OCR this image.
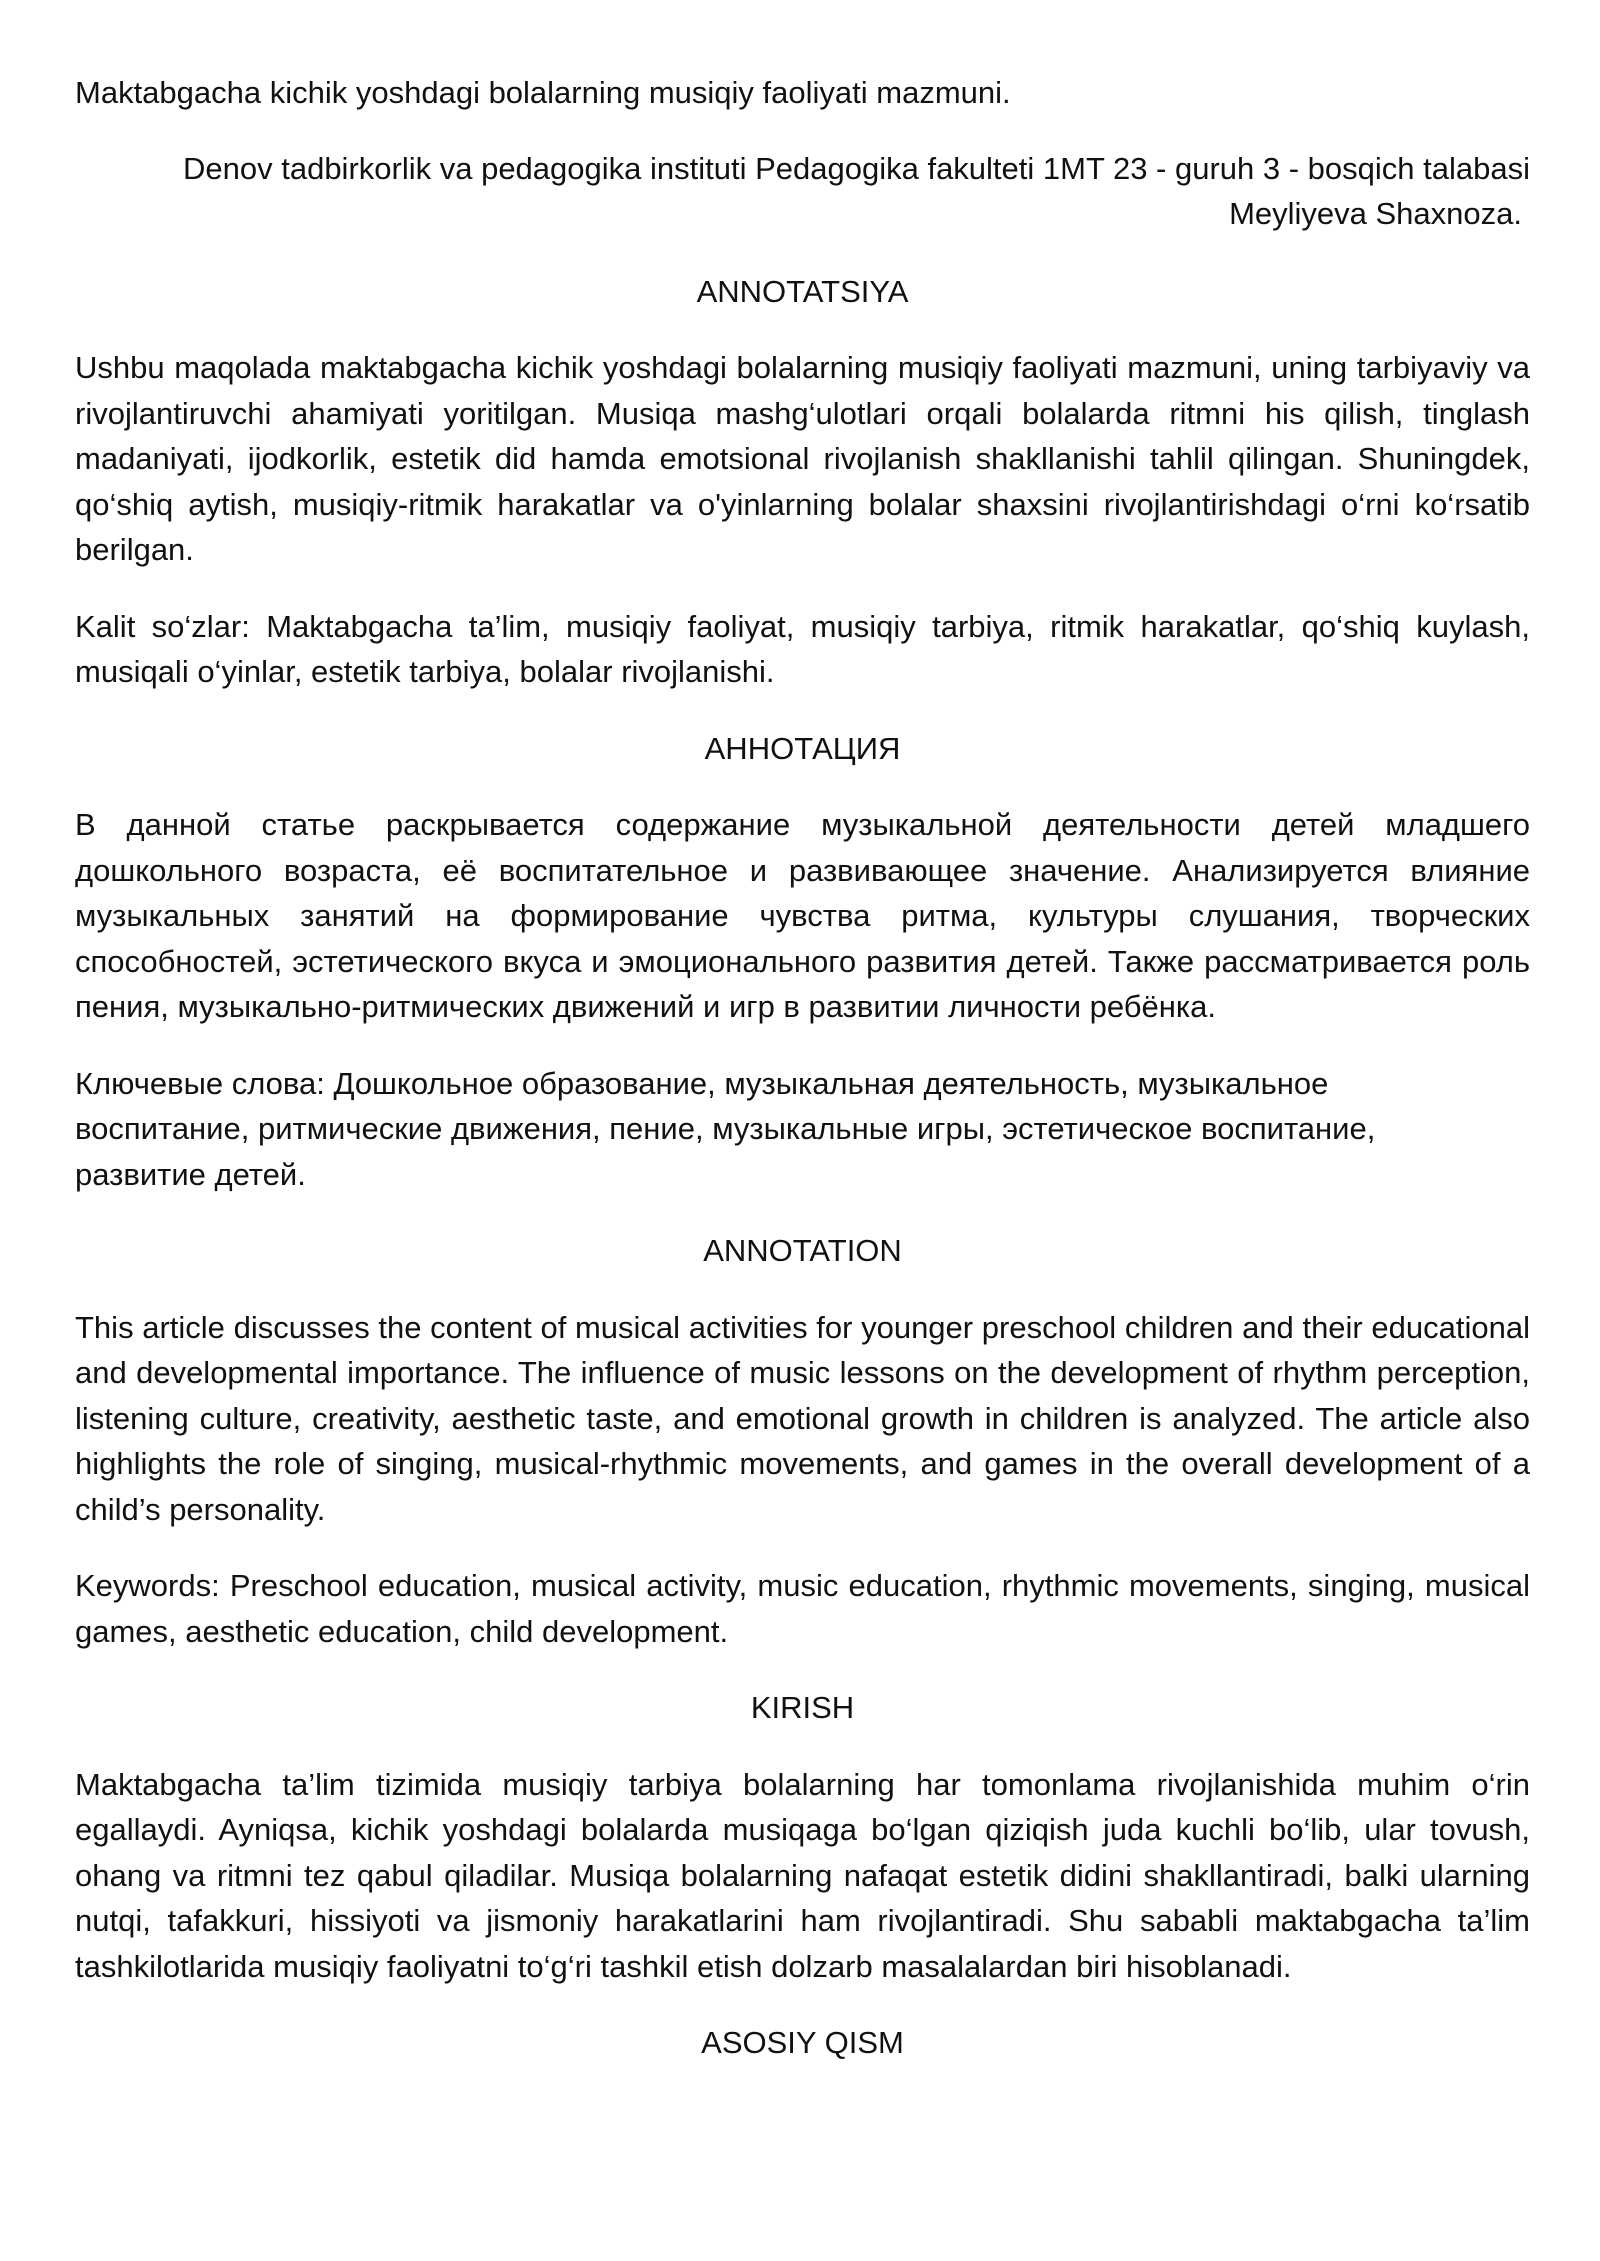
Maktabgacha kichik yoshdagi bolalarning musiqiy faoliyati mazmuni.

Denov tadbirkorlik va pedagogika instituti Pedagogika fakulteti 1MT 23 - guruh 3 - bosqich talabasi
Meyliyeva Shaxnoza.

ANNOTATSIYA

Ushbu maqolada maktabgacha kichik yoshdagi bolalarning musiqiy faoliyati mazmuni, uning tarbiyaviy va rivojlantiruvchi ahamiyati yoritilgan. Musiqa mashg‘ulotlari orqali bolalarda ritmni his qilish, tinglash madaniyati, ijodkorlik, estetik did hamda emotsional rivojlanish shakllanishi tahlil qilingan. Shuningdek, qo‘shiq aytish, musiqiy-ritmik harakatlar va o'yinlarning bolalar shaxsini rivojlantirishdagi o‘rni ko‘rsatib berilgan.

Kalit so‘zlar: Maktabgacha ta’lim, musiqiy faoliyat, musiqiy tarbiya, ritmik harakatlar, qo‘shiq kuylash, musiqali o‘yinlar, estetik tarbiya, bolalar rivojlanishi.

АННОТАЦИЯ

В данной статье раскрывается содержание музыкальной деятельности детей младшего дошкольного возраста, её воспитательное и развивающее значение. Анализируется влияние музыкальных занятий на формирование чувства ритма, культуры слушания, творческих способностей, эстетического вкуса и эмоционального развития детей. Также рассматривается роль пения, музыкально-ритмических движений и игр в развитии личности ребёнка.

Ключевые слова: Дошкольное образование, музыкальная деятельность, музыкальное
воспитание, ритмические движения, пение, музыкальные игры, эстетическое воспитание,
развитие детей.

ANNOTATION

This article discusses the content of musical activities for younger preschool children and their educational and developmental importance. The influence of music lessons on the development of rhythm perception, listening culture, creativity, aesthetic taste, and emotional growth in children is analyzed. The article also highlights the role of singing, musical-rhythmic movements, and games in the overall development of a child’s personality.

Keywords: Preschool education, musical activity, music education, rhythmic movements, singing, musical games, aesthetic education, child development.

KIRISH

Maktabgacha ta’lim tizimida musiqiy tarbiya bolalarning har tomonlama rivojlanishida muhim o‘rin egallaydi. Ayniqsa, kichik yoshdagi bolalarda musiqaga bo‘lgan qiziqish juda kuchli bo‘lib, ular tovush, ohang va ritmni tez qabul qiladilar. Musiqa bolalarning nafaqat estetik didini shakllantiradi, balki ularning nutqi, tafakkuri, hissiyoti va jismoniy harakatlarini ham rivojlantiradi. Shu sababli maktabgacha ta’lim tashkilotlarida musiqiy faoliyatni to‘g‘ri tashkil etish dolzarb masalalardan biri hisoblanadi.

ASOSIY QISM
